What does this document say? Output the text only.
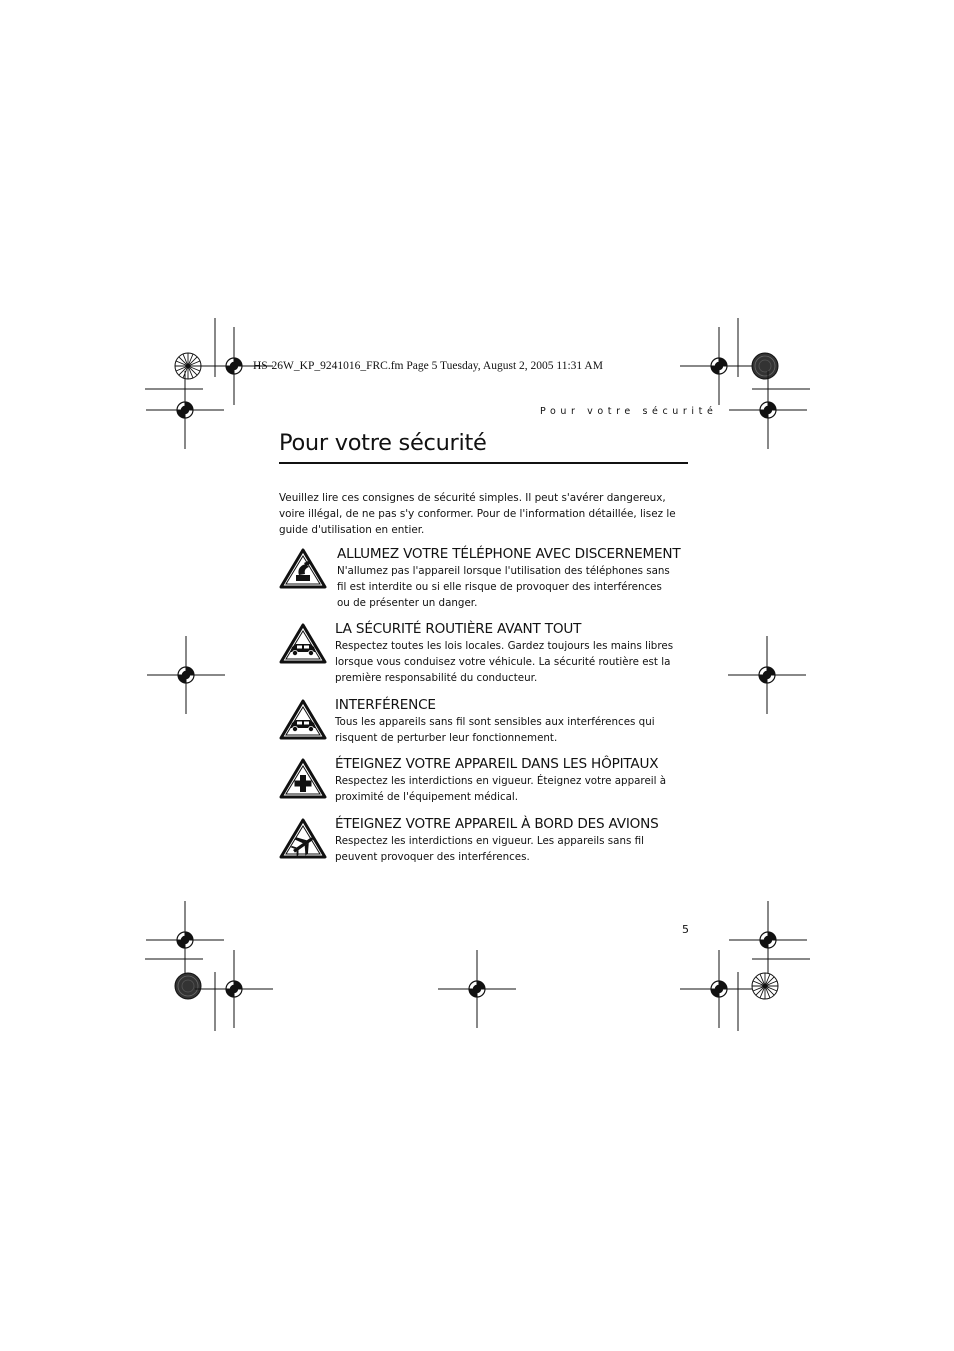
HS-26W_KP_9241016_FRC.fm Page 5 Tuesday, August 2, 2005 11:31 AM
Pour votre sécurité
Pour votre sécurité
Veuillez lire ces consignes de sécurité simples. Il peut s'avérer dangereux, voire illégal, de ne pas s'y conformer. Pour de l'information détaillée, lisez le guide d'utilisation en entier.
ALLUMEZ VOTRE TÉLÉPHONE AVEC DISCERNEMENT

N'allumez pas l'appareil lorsque l'utilisation des téléphones sans fil est interdite ou si elle risque de provoquer des interférences ou de présenter un danger.

LA SÉCURITÉ ROUTIÈRE AVANT TOUT

Respectez toutes les lois locales. Gardez toujours les mains libres lorsque vous conduisez votre véhicule. La sécurité routière est la première responsabilité du conducteur.

INTERFÉRENCE

Tous les appareils sans fil sont sensibles aux interférences qui risquent de perturber leur fonctionnement.

ÉTEIGNEZ VOTRE APPAREIL DANS LES HÔPITAUX

Respectez les interdictions en vigueur. Éteignez votre appareil à proximité de l'équipement médical.

ÉTEIGNEZ VOTRE APPAREIL À BORD DES AVIONS

Respectez les interdictions en vigueur. Les appareils sans fil peuvent provoquer des interférences.

5
